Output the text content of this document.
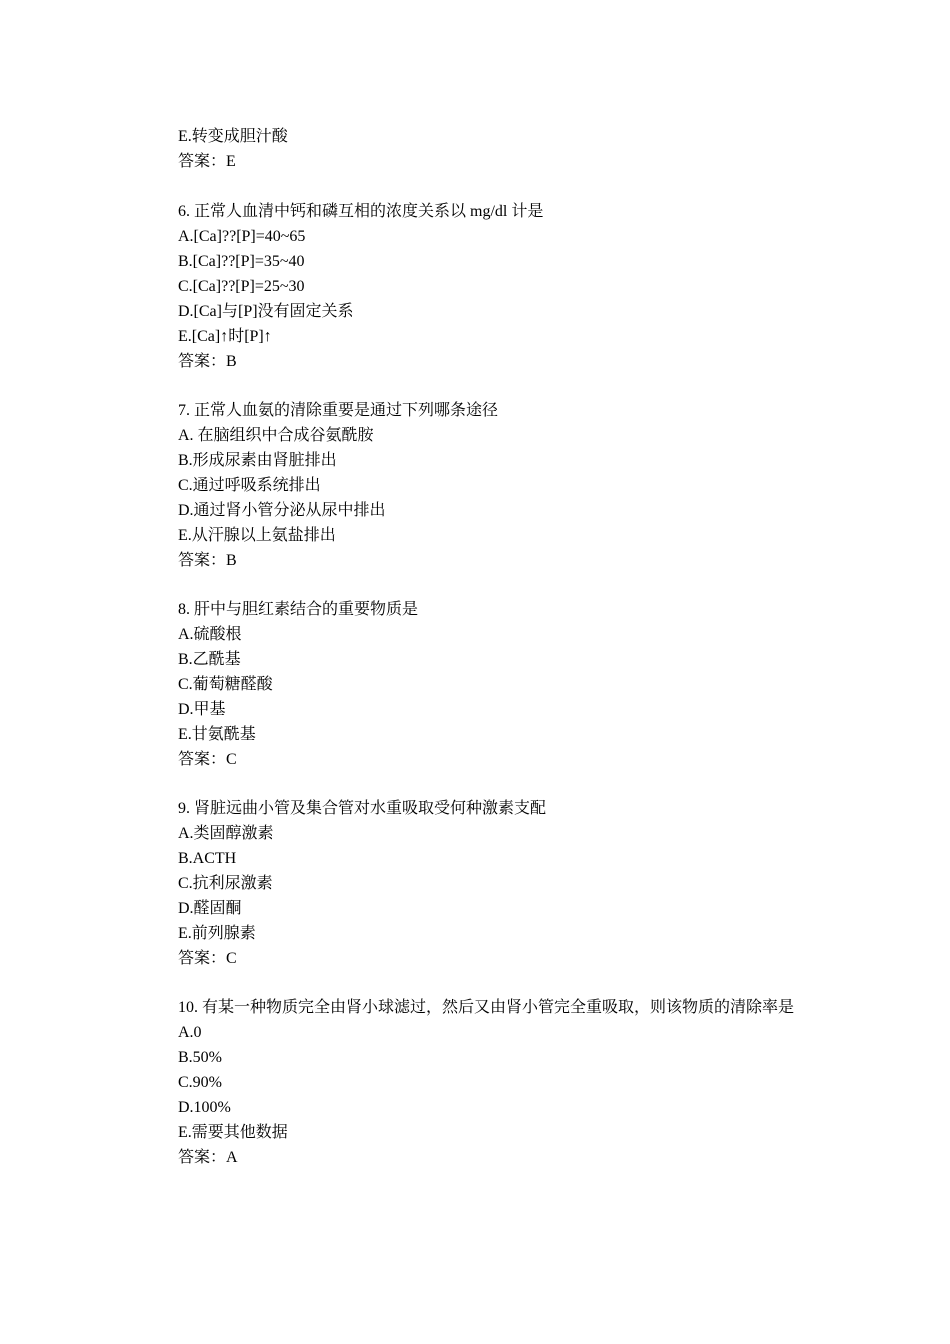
E.转变成胆汁酸
答案：E
6. 正常人血清中钙和磷互相的浓度关系以 mg/dl 计是
A.[Ca]??[P]=40~65
B.[Ca]??[P]=35~40
C.[Ca]??[P]=25~30
D.[Ca]与[P]没有固定关系
E.[Ca]↑时[P]↑
答案：B
7. 正常人血氨的清除重要是通过下列哪条途径
A. 在脑组织中合成谷氨酰胺
B.形成尿素由肾脏排出
C.通过呼吸系统排出
D.通过肾小管分泌从尿中排出
E.从汗腺以上氨盐排出
答案：B
8. 肝中与胆红素结合的重要物质是
A.硫酸根
B.乙酰基
C.葡萄糖醛酸
D.甲基
E.甘氨酰基
答案：C
9. 肾脏远曲小管及集合管对水重吸取受何种激素支配
A.类固醇激素
B.ACTH
C.抗利尿激素
D.醛固酮
E.前列腺素
答案：C
10. 有某一种物质完全由肾小球滤过，然后又由肾小管完全重吸取，则该物质的清除率是
A.0
B.50%
C.90%
D.100%
E.需要其他数据
答案：A
